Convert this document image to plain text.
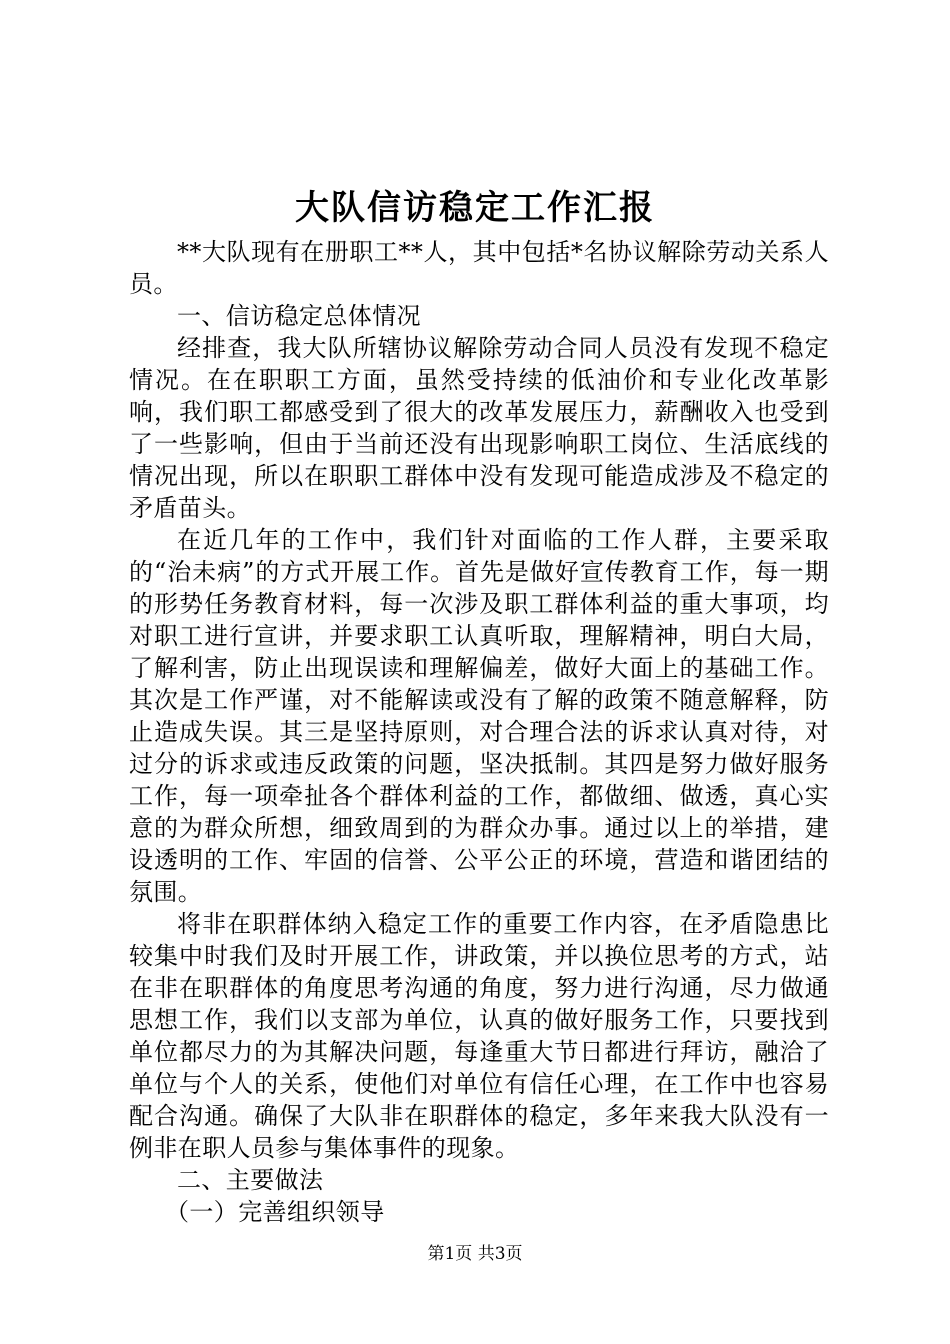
大队信访稳定工作汇报

**大队现有在册职工**人，其中包括*名协议解除劳动关系人员。

一、信访稳定总体情况

经排查，我大队所辖协议解除劳动合同人员没有发现不稳定情况。在在职职工方面，虽然受持续的低油价和专业化改革影响，我们职工都感受到了很大的改革发展压力，薪酬收入也受到了一些影响，但由于当前还没有出现影响职工岗位、生活底线的情况出现，所以在职职工群体中没有发现可能造成涉及不稳定的矛盾苗头。

在近几年的工作中，我们针对面临的工作人群，主要采取的“治未病”的方式开展工作。首先是做好宣传教育工作，每一期的形势任务教育材料，每一次涉及职工群体利益的重大事项，均对职工进行宣讲，并要求职工认真听取，理解精神，明白大局，了解利害，防止出现误读和理解偏差，做好大面上的基础工作。其次是工作严谨，对不能解读或没有了解的政策不随意解释，防止造成失误。其三是坚持原则，对合理合法的诉求认真对待，对过分的诉求或违反政策的问题，坚决抵制。其四是努力做好服务工作，每一项牵扯各个群体利益的工作，都做细、做透，真心实意的为群众所想，细致周到的为群众办事。通过以上的举措，建设透明的工作、牢固的信誉、公平公正的环境，营造和谐团结的氛围。

将非在职群体纳入稳定工作的重要工作内容，在矛盾隐患比较集中时我们及时开展工作，讲政策，并以换位思考的方式，站在非在职群体的角度思考沟通的角度，努力进行沟通，尽力做通思想工作，我们以支部为单位，认真的做好服务工作，只要找到单位都尽力的为其解决问题，每逢重大节日都进行拜访，融洽了单位与个人的关系，使他们对单位有信任心理，在工作中也容易配合沟通。确保了大队非在职群体的稳定，多年来我大队没有一例非在职人员参与集体事件的现象。

二、主要做法

（一）完善组织领导

第1页 共3页
